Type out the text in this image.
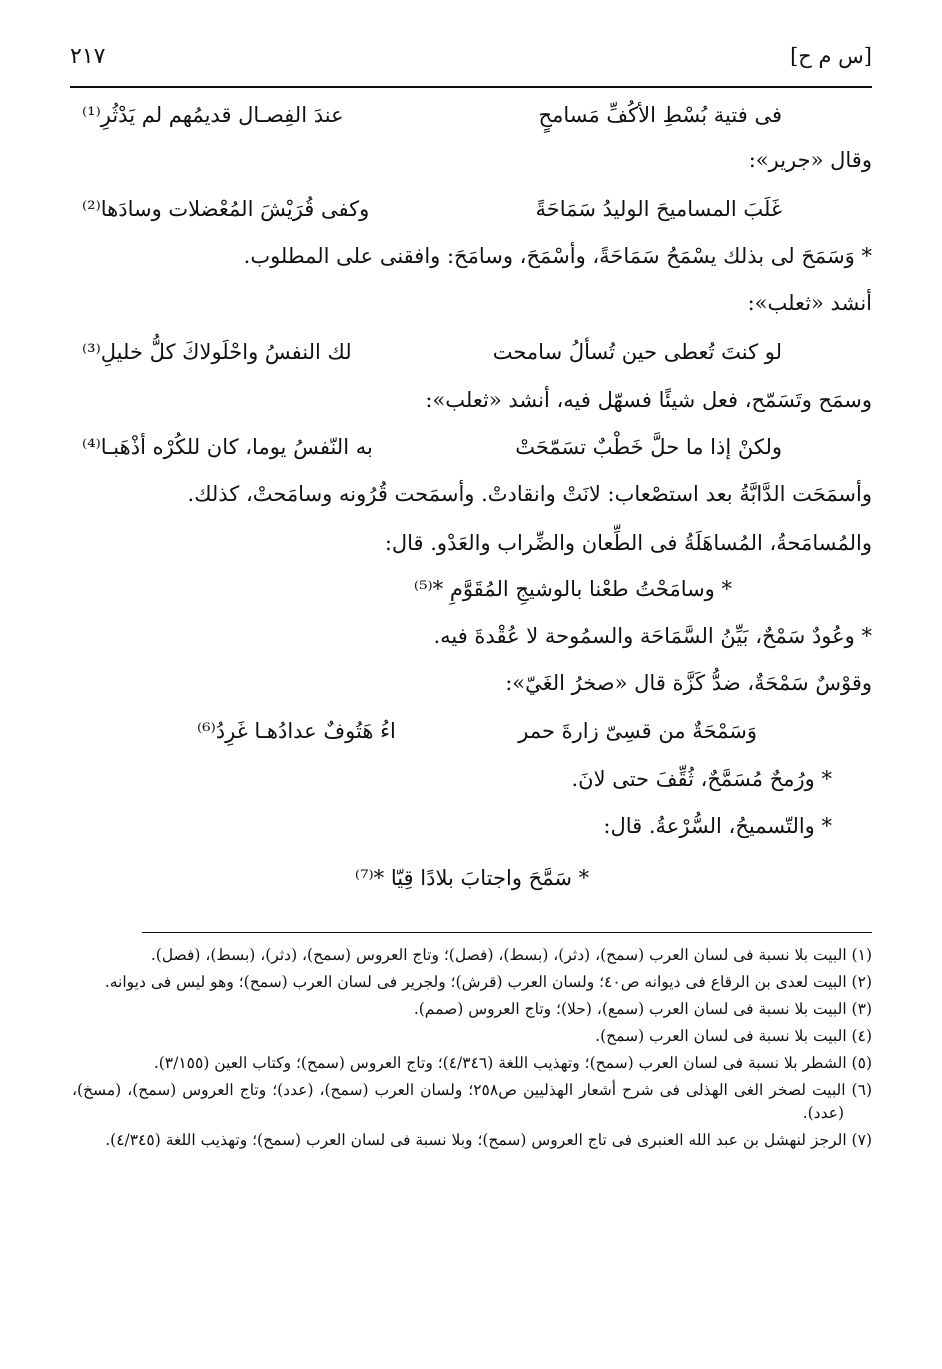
[س م ح]
٢١٧
فى فتية بُسْطِ الأكُفِّ مَسامحٍ
عندَ الفِصـال قديمُهم لم يَدْثُرِ⁽¹⁾
وقال «جرير»:
غَلَبَ المساميحَ الوليدُ سَمَاحَةً
وكفى قُرَيْشَ المُعْضلات وسادَها⁽²⁾
* وَسَمَحَ لى بذلك يسْمَحُ سَمَاحَةً، وأسْمَحَ، وسامَحَ: وافقنى على المطلوب.
أنشد «ثعلب»:
لو كنتَ تُعطى حين تُسألُ سامحت
لك النفسُ واحْلَولاكَ كلُّ خليلِ⁽³⁾
وسمَح وتَسَمّح، فعل شيئًا فسهّل فيه، أنشد «ثعلب»:
ولكنْ إذا ما حلَّ خَطْبٌ تسَمّحَتْ
به النّفسُ يوما، كان للكُرْه أذْهَبـا⁽⁴⁾
وأسمَحَت الدَّابَّةُ بعد استصْعاب: لانَتْ وانقادتْ. وأسمَحت قُرُونه وسامَحتْ، كذلك.
والمُسامَحةُ، المُساهَلَةُ فى الطِّعان والضِّراب والعَدْو. قال:
* وسامَحْتُ طعْنا بالوشيجِ المُقَوَّمِ *⁽⁵⁾
* وعُودٌ سَمْحٌ، بَيِّنُ السَّمَاحَة والسمُوحة لا عُقْدةَ فيه.
وقوْسٌ سَمْحَةٌ، ضدُّ كَزَّة قال «صخرُ الغَيّ»:
وَسَمْحَةٌ من قسِىّ زارةَ حمر
اءُ هَتُوفٌ عدادُهـا غَرِدُ⁽⁶⁾
* ورُمحٌ مُسَمَّحٌ، ثُقِّفَ حتى لانَ.
* والتّسميحُ، السُّرْعةُ. قال:
* سَمَّحَ واجتابَ بلادًا قِيّا *⁽⁷⁾
(١) البيت بلا نسبة فى لسان العرب (سمح)، (دثر)، (بسط)، (فصل)؛ وتاج العروس (سمح)، (دثر)، (بسط)، (فصل).
(٢) البيت لعدى بن الرقاع فى ديوانه ص٤٠؛ ولسان العرب (قرش)؛ ولجرير فى لسان العرب (سمح)؛ وهو ليس فى ديوانه.
(٣) البيت بلا نسبة فى لسان العرب (سمع)، (حلا)؛ وتاج العروس (صمم).
(٤) البيت بلا نسبة فى لسان العرب (سمح).
(٥) الشطر بلا نسبة فى لسان العرب (سمح)؛ وتهذيب اللغة (٤/٣٤٦)؛ وتاج العروس (سمح)؛ وكتاب العين (٣/١٥٥).
(٦) البيت لصخر الغى الهذلى فى شرح أشعار الهذليين ص٢٥٨؛ ولسان العرب (سمح)، (عدد)؛ وتاج العروس (سمح)، (مسخ)، (عدد).
(٧) الرجز لنهشل بن عبد الله العنبرى فى تاج العروس (سمح)؛ وبلا نسبة فى لسان العرب (سمح)؛ وتهذيب اللغة (٤/٣٤٥).
